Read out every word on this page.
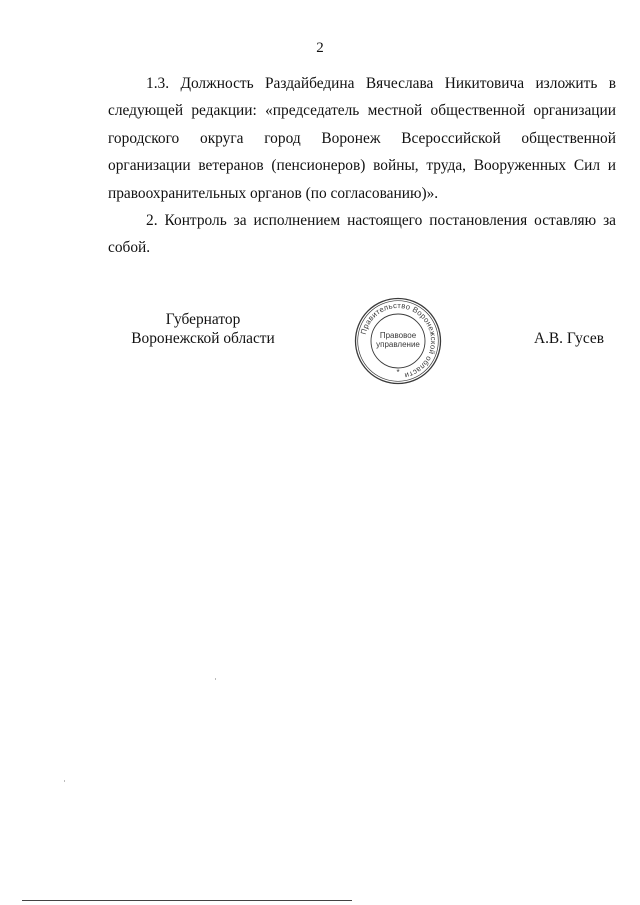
2

1.3. Должность Раздайбедина Вячеслава Никитовича изложить в следующей редакции: «председатель местной общественной организации городского округа город Воронеж Всероссийской общественной организации ветеранов (пенсионеров) войны, труда, Вооруженных Сил и правоохранительных органов (по согласованию)».

2. Контроль за исполнением настоящего постановления оставляю за собой.

Губернатор
Воронежской области	Правительство Воронежской области
Правовое
управление
*
А.В. Гусев
